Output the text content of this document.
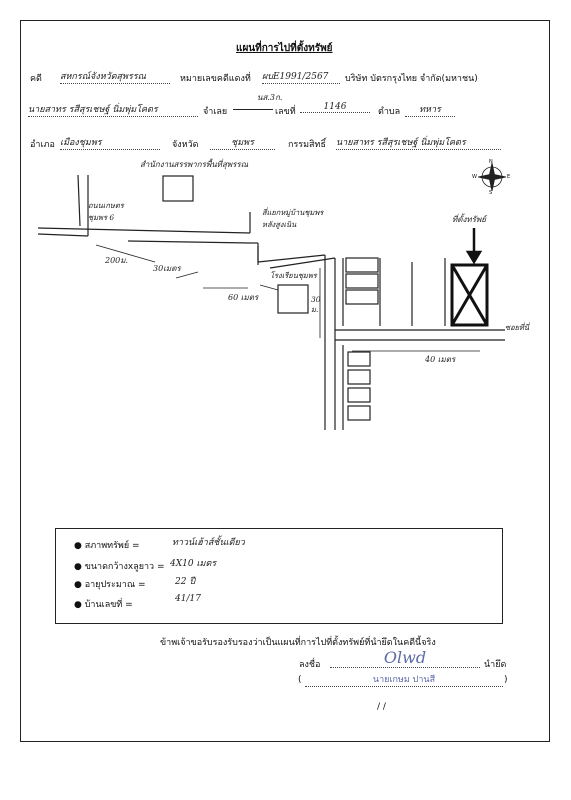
แผนที่การไปที่ตั้งทรัพย์
คดี สหกรณ์จังหวัดสุพรรณ	หมายเลขคดีแดงที่ ผบE1991/2567	บริษัท บัตรกรุงไทย จำกัด(มหาชน)
นายสาทร รสีสุรเชษฐ์ นิ่มพุ่มโคตร	จำเลย
นส.3ก.
เลขที่	1146	ตำบล	ทหาร
อำเภอ เมืองชุมพร	จังหวัด	ชุมพร	กรรมสิทธิ์ นายสาทร รสีสุรเชษฐ์ นิ่มพุ่มโคตร
สำนักงานสรรพากรพื้นที่สุพรรณ
ถนนเกษตรชุมพร 6
สี่แยกหมู่บ้านชุมพรหลังสูงเนิน
ที่ตั้งทรัพย์
โรงเรียนชุมพร
ซอยที่นี่
200ม.
30เมตร
60 เมตร	30 ม.
40 เมตร
N
S
E
W
● สภาพทรัพย์ =	ทาวน์เฮ้าส์ชั้นเดียว
● ขนาดกว้างxลูยาว = 4X10 เมตร
● อายุประมาณ =	22 ปี
● บ้านเลขที่ =
41/17
ข้าพเจ้าขอรับรองรับรองว่าเป็นแผนที่การไปที่ตั้งทรัพย์ที่นำยึดในคดีนี้จริง
ลงชื่อ	Olwd	นำยึด
(	นายเกษม ปานสี	)
/ /
